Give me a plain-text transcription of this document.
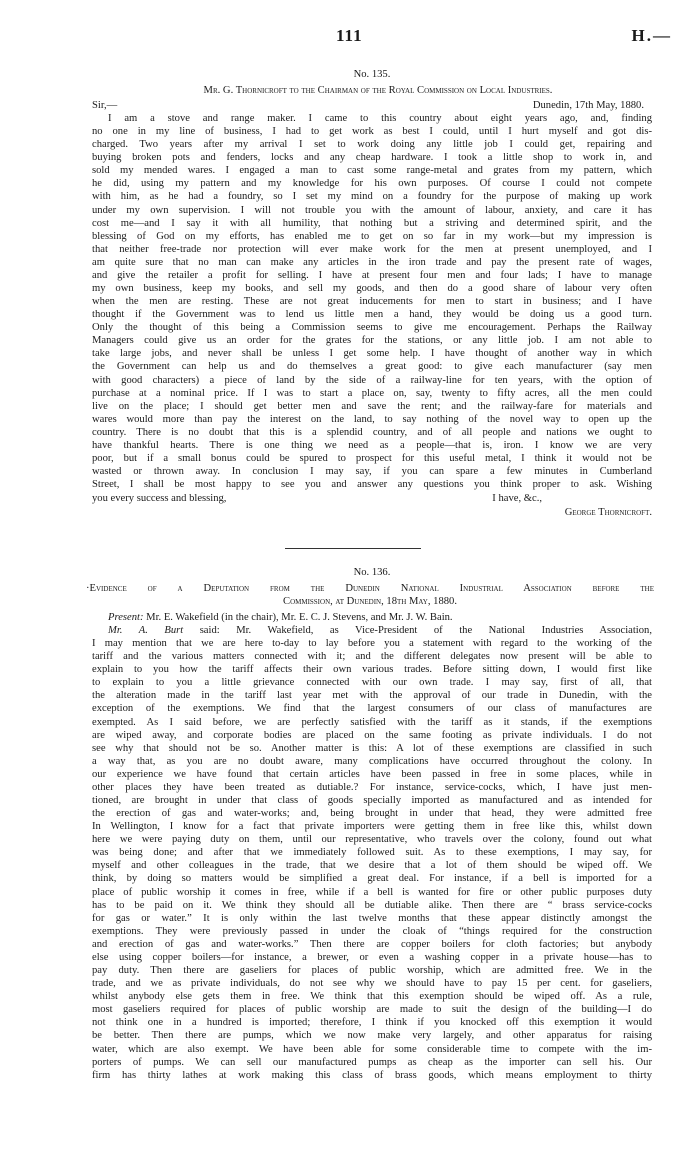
111	H.—
No. 135.
Mr. G. Thornicroft to the Chairman of the Royal Commission on Local Industries.
Sir,—	Dunedin, 17th May, 1880.
I am a stove and range maker. I came to this country about eight years ago, and, finding
no one in my line of business, I had to get work as best I could, until I hurt myself and got dis-
charged. Two years after my arrival I set to work doing any little job I could get, repairing and
buying broken pots and fenders, locks and any cheap hardware. I took a little shop to work in, and
sold my mended wares. I engaged a man to cast some range-metal and grates from my pattern, which
he did, using my pattern and my knowledge for his own purposes. Of course I could not compete
with him, as he had a foundry, so I set my mind on a foundry for the purpose of making up work
under my own supervision. I will not trouble you with the amount of labour, anxiety, and care it has
cost me—and I say it with all humility, that nothing but a striving and determined spirit, and the
blessing of God on my efforts, has enabled me to get on so far in my work—but my impression is
that neither free-trade nor protection will ever make work for the men at present unemployed, and I
am quite sure that no man can make any articles in the iron trade and pay the present rate of wages,
and give the retailer a profit for selling. I have at present four men and four lads; I have to manage
my own business, keep my books, and sell my goods, and then do a good share of labour very often
when the men are resting. These are not great inducements for men to start in business; and I have
thought if the Government was to lend us little men a hand, they would be doing us a good turn.
Only the thought of this being a Commission seems to give me encouragement. Perhaps the Railway
Managers could give us an order for the grates for the stations, or any little job. I am not able to
take large jobs, and never shall be unless I get some help. I have thought of another way in which
the Government can help us and do themselves a great good: to give each manufacturer (say men
with good characters) a piece of land by the side of a railway-line for ten years, with the option of
purchase at a nominal price. If I was to start a place on, say, twenty to fifty acres, all the men could
live on the place; I should get better men and save the rent; and the railway-fare for materials and
wares would more than pay the interest on the land, to say nothing of the novel way to open up the
country. There is no doubt that this is a splendid country, and of all people and nations we ought to
have thankful hearts. There is one thing we need as a people—that is, iron. I know we are very
poor, but if a small bonus could be spured to prospect for this useful metal, I think it would not be
wasted or thrown away. In conclusion I may say, if you can spare a few minutes in Cumberland
Street, I shall be most happy to see you and answer any questions you think proper to ask. Wishing
you every success and blessing,	I have, &c.,
George Thornicroft.
No. 136.
·Evidence of a Deputation from the Dunedin National Industrial Association before the
Commission, at Dunedin, 18th May, 1880.
Present: Mr. E. Wakefield (in the chair), Mr. E. C. J. Stevens, and Mr. J. W. Bain.
Mr. A. Burt said: Mr. Wakefield, as Vice-President of the National Industries Association,
I may mention that we are here to-day to lay before you a statement with regard to the working of the
tariff and the various matters connected with it; and the different delegates now present will be able to
explain to you how the tariff affects their own various trades. Before sitting down, I would first like
to explain to you a little grievance connected with our own trade. I may say, first of all, that
the alteration made in the tariff last year met with the approval of our trade in Dunedin, with the
exception of the exemptions. We find that the largest consumers of our class of manufactures are
exempted. As I said before, we are perfectly satisfied with the tariff as it stands, if the exemptions
are wiped away, and corporate bodies are placed on the same footing as private individuals. I do not
see why that should not be so. Another matter is this: A lot of these exemptions are classified in such
a way that, as you are no doubt aware, many complications have occurred throughout the colony. In
our experience we have found that certain articles have been passed in free in some places, while in
other places they have been treated as dutiable.? For instance, service-cocks, which, I have just men-
tioned, are brought in under that class of goods specially imported as manufactured and as intended for
the erection of gas and water-works; and, being brought in under that head, they were admitted free
In Wellington, I know for a fact that private importers were getting them in free like this, whilst down
here we were paying duty on them, until our representative, who travels over the colony, found out what
was being done; and after that we immediately followed suit. As to these exemptions, I may say, for
myself and other colleagues in the trade, that we desire that a lot of them should be wiped off. We
think, by doing so matters would be simplified a great deal. For instance, if a bell is imported for a
place of public worship it comes in free, while if a bell is wanted for fire or other public purposes duty
has to be paid on it. We think they should all be dutiable alike. Then there are “ brass service-cocks
for gas or water.” It is only within the last twelve months that these appear distinctly amongst the
exemptions. They were previously passed in under the cloak of “things required for the construction
and erection of gas and water-works.” Then there are copper boilers for cloth factories; but anybody
else using copper boilers—for instance, a brewer, or even a washing copper in a private house—has to
pay duty. Then there are gaseliers for places of public worship, which are admitted free. We in the
trade, and we as private individuals, do not see why we should have to pay 15 per cent. for gaseliers,
whilst anybody else gets them in free. We think that this exemption should be wiped off. As a rule,
most gaseliers required for places of public worship are made to suit the design of the building—I do
not think one in a hundred is imported; therefore, I think if you knocked off this exemption it would
be better. Then there are pumps, which we now make very largely, and other apparatus for raising
water, which are also exempt. We have been able for some considerable time to compete with the im-
porters of pumps. We can sell our manufactured pumps as cheap as the importer can sell his. Our
firm has thirty lathes at work making this class of brass goods, which means employment to thirty
